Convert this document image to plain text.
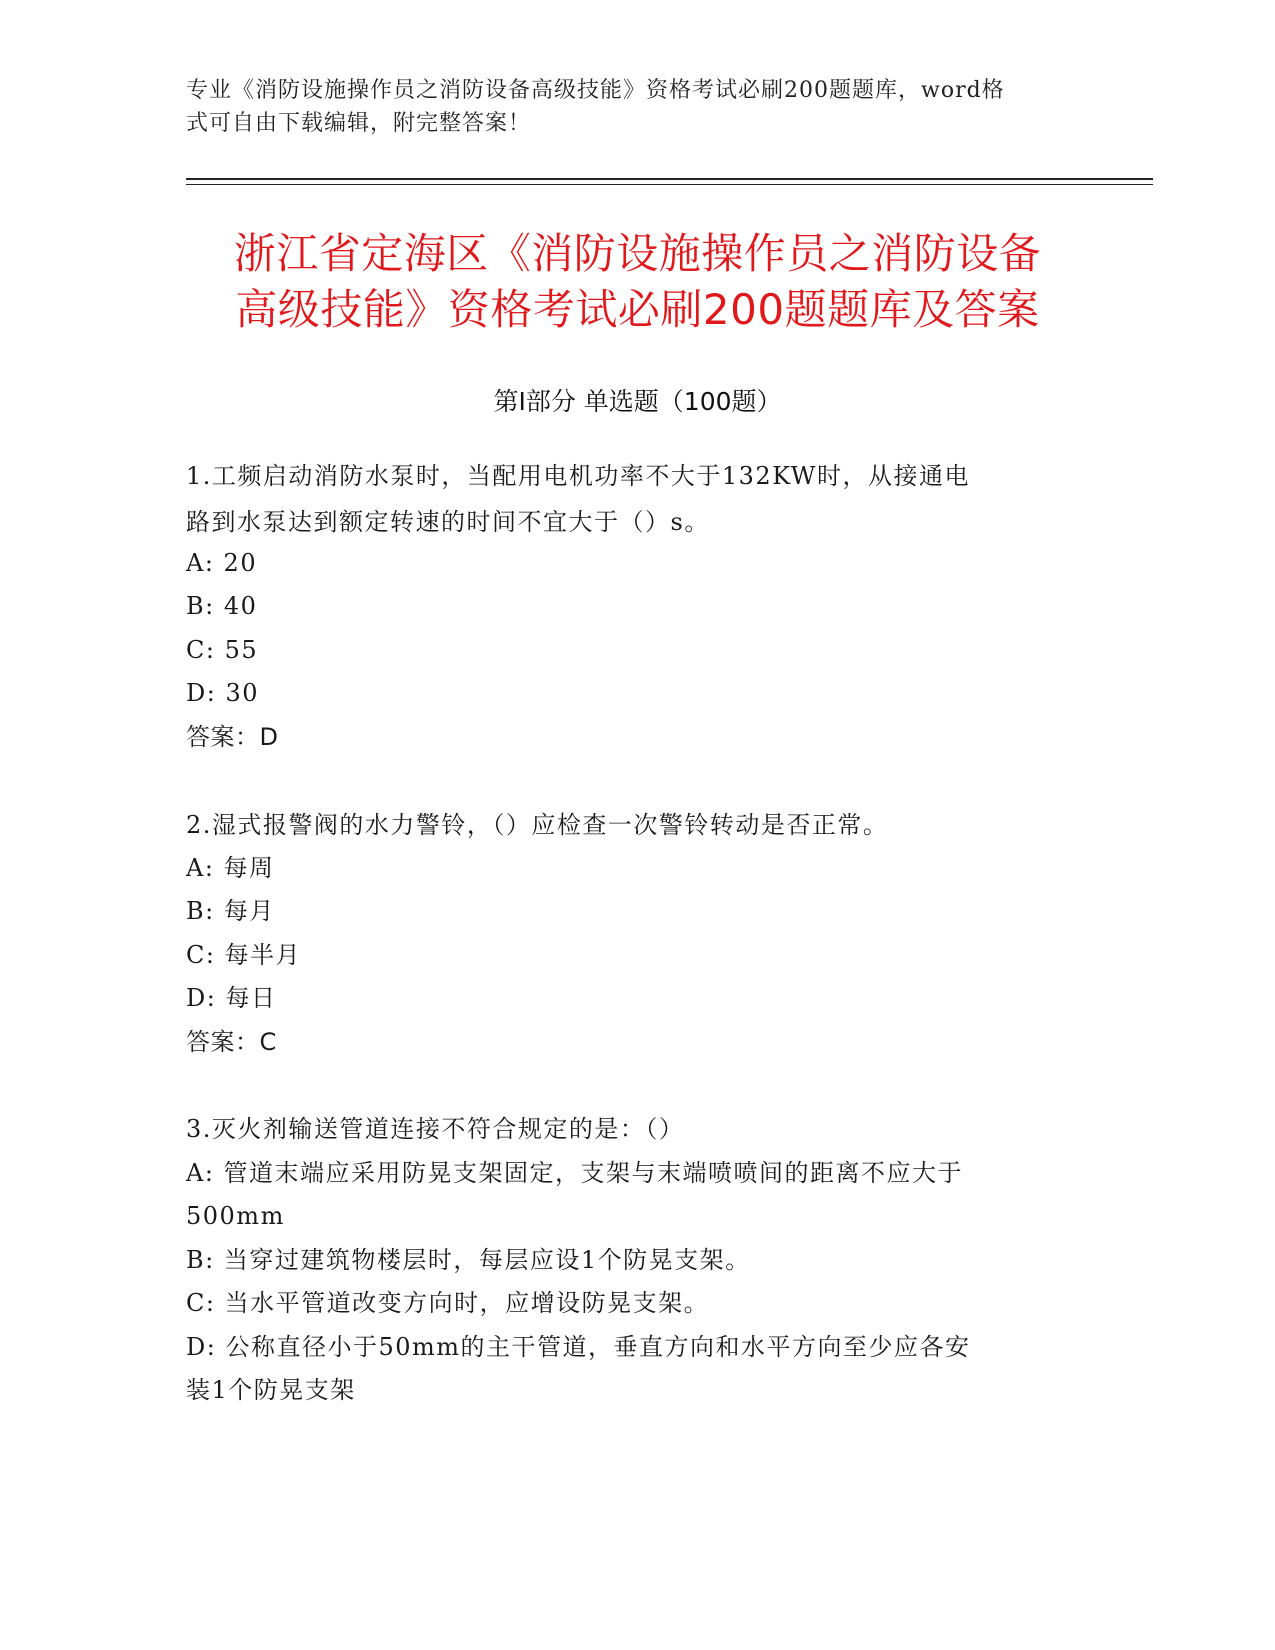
专业《消防设施操作员之消防设备高级技能》资格考试必刷200题题库，word格
式可自由下载编辑，附完整答案！
浙江省定海区《消防设施操作员之消防设备
高级技能》资格考试必刷200题题库及答案
第I部分 单选题（100题）
1.工频启动消防水泵时，当配用电机功率不大于132KW时，从接通电
路到水泵达到额定转速的时间不宜大于（）s。
A: 20
B: 40
C: 55
D: 30
答案：D
2.湿式报警阀的水力警铃，（）应检查一次警铃转动是否正常。
A: 每周
B: 每月
C: 每半月
D: 每日
答案：C
3.灭火剂输送管道连接不符合规定的是：（）
A: 管道末端应采用防晃支架固定，支架与末端喷喷间的距离不应大于
500mm
B: 当穿过建筑物楼层时，每层应设1个防晃支架。
C: 当水平管道改变方向时，应增设防晃支架。
D: 公称直径小于50mm的主干管道，垂直方向和水平方向至少应各安
装1个防晃支架
